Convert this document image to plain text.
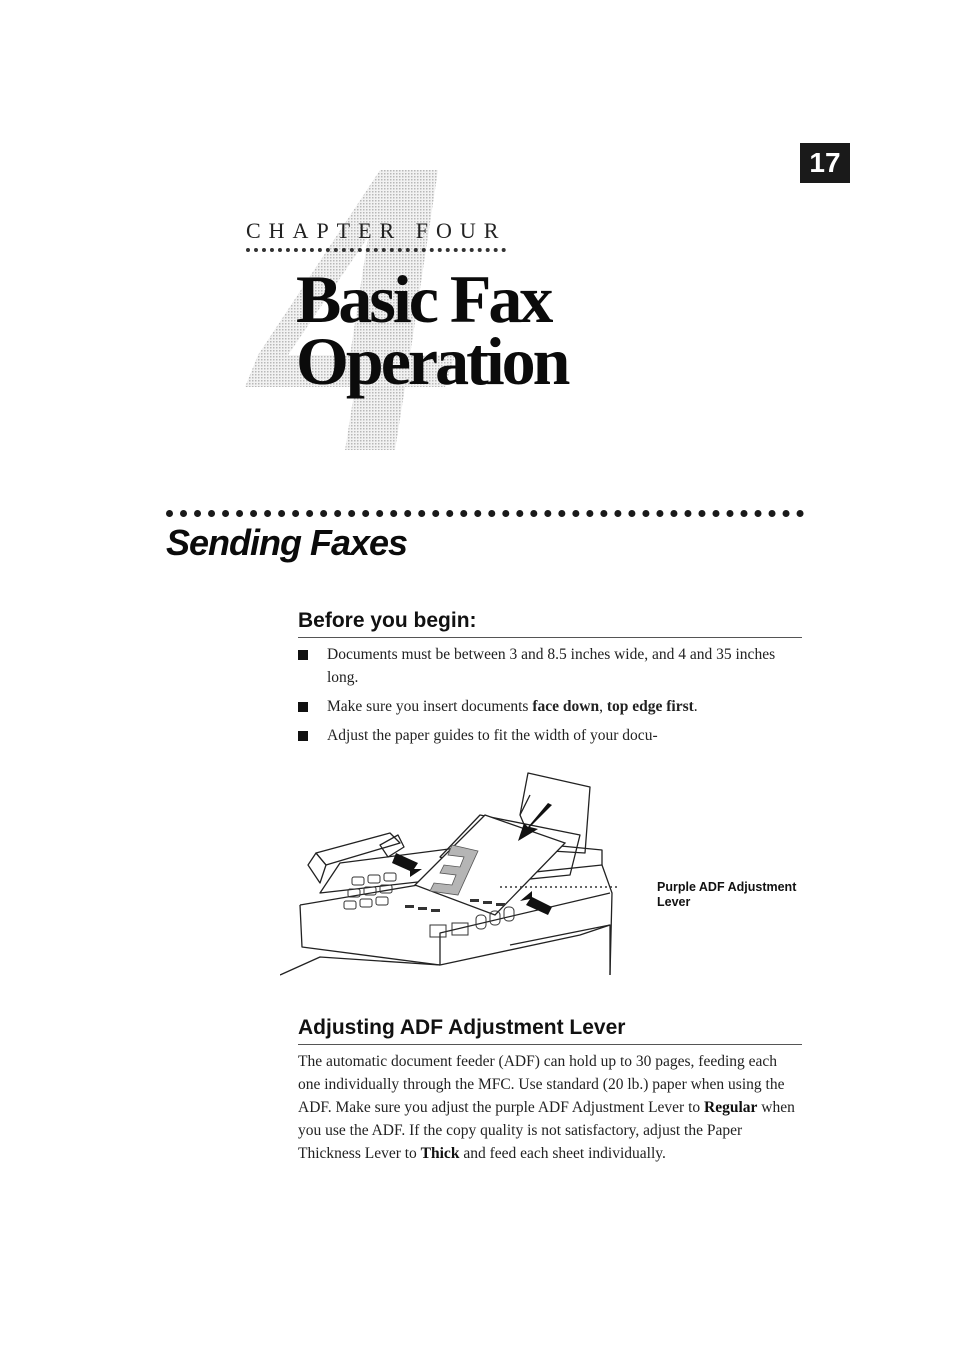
17
CHAPTER FOUR
Basic Fax
Operation
Sending Faxes
Before you begin:
Documents must be between 3 and 8.5 inches wide, and 4 and 35 inches long.
Make sure you insert documents face down, top edge first.
Adjust the paper guides to fit the width of your docu-
Purple ADF Adjustment
Lever
Adjusting ADF Adjustment Lever

The automatic document feeder (ADF) can hold up to 30 pages, feeding each one individually through the MFC. Use standard (20 lb.) paper when using the ADF. Make sure you adjust the purple ADF Adjustment Lever to Regular when you use the ADF. If the copy quality is not satisfactory, adjust the Paper Thickness Lever to Thick and feed each sheet individually.
